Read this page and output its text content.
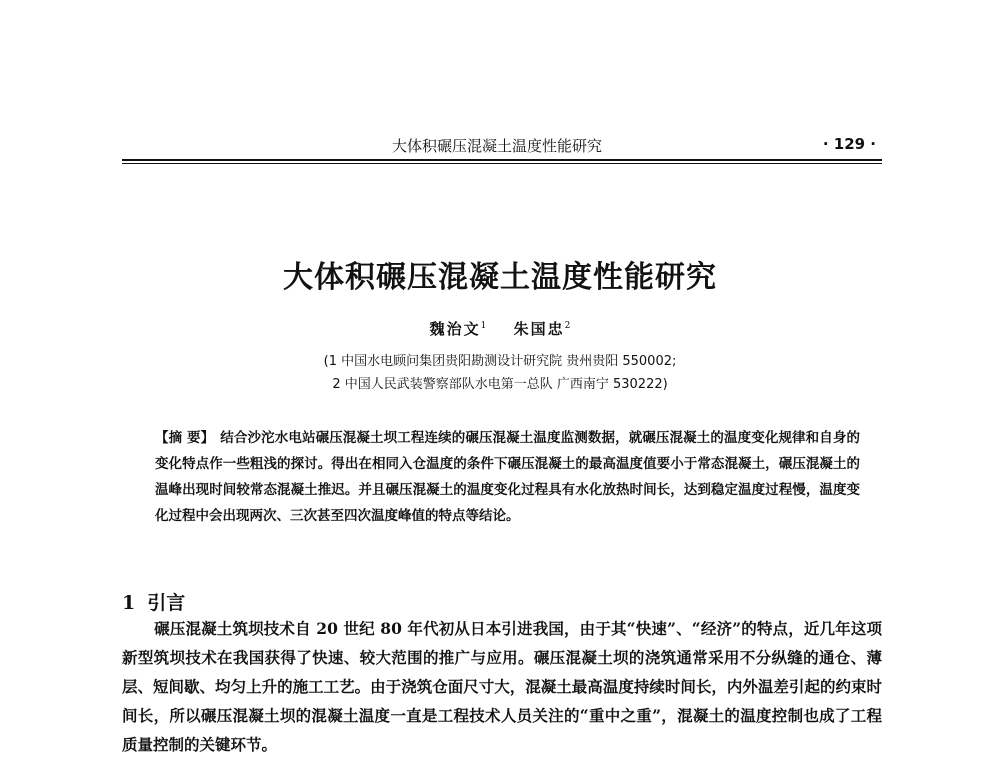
大体积碾压混凝土温度性能研究	· 129 ·
大体积碾压混凝土温度性能研究
魏治文$^1$ 朱国忠$^2$
(1 中国水电顾问集团贵阳勘测设计研究院 贵州贵阳 550002;
2 中国人民武装警察部队水电第一总队 广西南宁 530222)
【摘 要】 结合沙沱水电站碾压混凝土坝工程连续的碾压混凝土温度监测数据，就碾压混凝土的温度变化规律和自身的变化特点作一些粗浅的探讨。得出在相同入仓温度的条件下碾压混凝土的最高温度值要小于常态混凝土，碾压混凝土的温峰出现时间较常态混凝土推迟。并且碾压混凝土的温度变化过程具有水化放热时间长，达到稳定温度过程慢，温度变化过程中会出现两次、三次甚至四次温度峰值的特点等结论。
1 引言
碾压混凝土筑坝技术自 20 世纪 80 年代初从日本引进我国，由于其“快速”、“经济”的特点，近几年这项新型筑坝技术在我国获得了快速、较大范围的推广与应用。碾压混凝土坝的浇筑通常采用不分纵缝的通仓、薄层、短间歇、均匀上升的施工工艺。由于浇筑仓面尺寸大，混凝土最高温度持续时间长，内外温差引起的约束时间长，所以碾压混凝土坝的混凝土温度一直是工程技术人员关注的“重中之重”，混凝土的温度控制也成了工程质量控制的关键环节。
